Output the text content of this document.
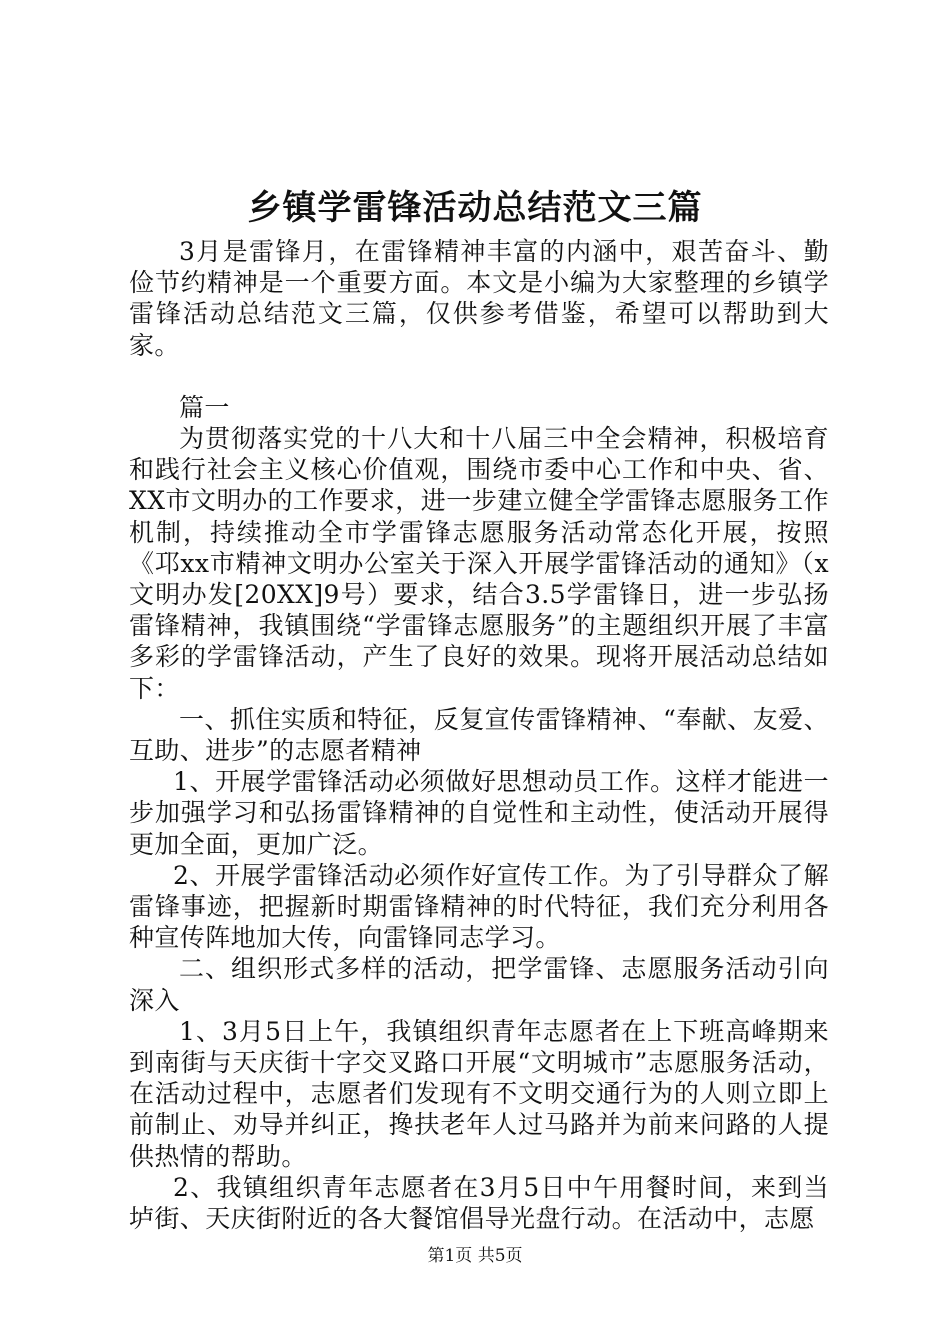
乡镇学雷锋活动总结范文三篇

3月是雷锋月，在雷锋精神丰富的内涵中，艰苦奋斗、勤俭节约精神是一个重要方面。本文是小编为大家整理的乡镇学雷锋活动总结范文三篇，仅供参考借鉴，希望可以帮助到大家。

篇一

为贯彻落实党的十八大和十八届三中全会精神，积极培育和践行社会主义核心价值观，围绕市委中心工作和中央、省、XX市文明办的工作要求，进一步建立健全学雷锋志愿服务工作机制，持续推动全市学雷锋志愿服务活动常态化开展，按照《邛xx市精神文明办公室关于深入开展学雷锋活动的通知》（x文明办发[20XX]9号）要求，结合3.5学雷锋日，进一步弘扬雷锋精神，我镇围绕“学雷锋志愿服务”的主题组织开展了丰富多彩的学雷锋活动，产生了良好的效果。现将开展活动总结如下：

一、抓住实质和特征，反复宣传雷锋精神、“奉献、友爱、互助、进步”的志愿者精神

1、开展学雷锋活动必须做好思想动员工作。这样才能进一步加强学习和弘扬雷锋精神的自觉性和主动性，使活动开展得更加全面，更加广泛。

2、开展学雷锋活动必须作好宣传工作。为了引导群众了解雷锋事迹，把握新时期雷锋精神的时代特征，我们充分利用各种宣传阵地加大传，向雷锋同志学习。

二、组织形式多样的活动，把学雷锋、志愿服务活动引向深入

1、3月5日上午，我镇组织青年志愿者在上下班高峰期来到南街与天庆街十字交叉路口开展“文明城市”志愿服务活动，在活动过程中，志愿者们发现有不文明交通行为的人则立即上前制止、劝导并纠正，搀扶老年人过马路并为前来问路的人提供热情的帮助。

2、我镇组织青年志愿者在3月5日中午用餐时间，来到当垆街、天庆街附近的各大餐馆倡导光盘行动。在活动中，志愿

第1页 共5页
